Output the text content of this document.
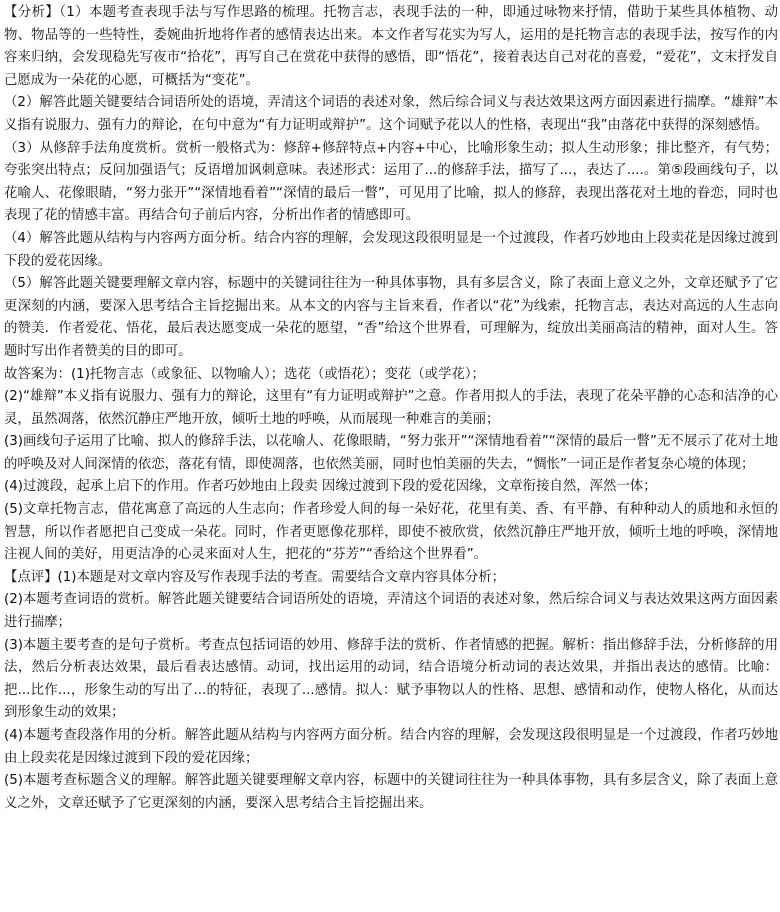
【分析】（1）本题考查表现手法与写作思路的梳理。托物言志，表现手法的一种，即通过咏物来抒情，借助于某些具体植物、动物、物品等的一些特性，委婉曲折地将作者的感情表达出来。本文作者写花实为写人，运用的是托物言志的表现手法，按写作的内容来归纳，会发现稳先写夜市“拾花”，再写自己在赏花中获得的感悟，即“悟花”，接着表达自己对花的喜爱，“爱花”，文末抒发自己愿成为一朵花的心愿，可概括为“变花”。

（2）解答此题关键要结合词语所处的语境，弄清这个词语的表述对象，然后综合词义与表达效果这两方面因素进行揣摩。“雄辩”本义指有说服力、强有力的辩论，在句中意为“有力证明或辩护”。这个词赋予花以人的性格，表现出“我”由落花中获得的深刻感悟。

（3）从修辞手法角度赏析。赏析一般格式为：修辞+修辞特点+内容+中心，比喻形象生动；拟人生动形象；排比整齐，有气势；夸张突出特点；反问加强语气；反语增加讽刺意味。表述形式：运用了...的修辞手法，描写了...，表达了....。第⑤段画线句子，以花喻人、花像眼睛，“努力张开”“深情地看着”“深情的最后一瞥”，可见用了比喻，拟人的修辞，表现出落花对土地的眷恋，同时也表现了花的情感丰富。再结合句子前后内容，分析出作者的情感即可。

（4）解答此题从结构与内容两方面分析。结合内容的理解，会发现这段很明显是一个过渡段，作者巧妙地由上段卖花是因缘过渡到下段的爱花因缘。

（5）解答此题关键要理解文章内容，标题中的关键词往往为一种具体事物，具有多层含义，除了表面上意义之外，文章还赋予了它更深刻的内涵，要深入思考结合主旨挖掘出来。从本文的内容与主旨来看，作者以“花”为线索，托物言志，表达对高远的人生志向的赞美．作者爱花、悟花，最后表达愿变成一朵花的愿望，“香”给这个世界看，可理解为，绽放出美丽高洁的精神，面对人生。答题时写出作者赞美的目的即可。

故答案为：(1)托物言志（或象征、以物喻人）；选花（或悟花）；变花（或学花）；

(2)“雄辩”本义指有说服力、强有力的辩论，这里有“有力证明或辩护”之意。作者用拟人的手法，表现了花朵平静的心态和洁净的心灵，虽然凋落，依然沉静庄严地开放，倾听土地的呼唤，从而展现一种难言的美丽；

(3)画线句子运用了比喻、拟人的修辞手法，以花喻人、花像眼睛，“努力张开”“深情地看着”“深情的最后一瞥”无不展示了花对土地的呼唤及对人间深情的依恋，落花有情，即使凋落，也依然美丽，同时也怕美丽的失去，“惆怅”一词正是作者复杂心境的体现；

(4)过渡段，起承上启下的作用。作者巧妙地由上段卖 因缘过渡到下段的爱花因缘，文章衔接自然，浑然一体；

(5)文章托物言志，借花寓意了高远的人生志向；作者珍爱人间的每一朵好花，花里有美、香、有平静、有种种动人的质地和永恒的智慧，所以作者愿把自己变成一朵花。同时，作者更愿像花那样，即使不被欣赏，依然沉静庄严地开放，倾听土地的呼唤，深情地注视人间的美好，用更洁净的心灵来面对人生，把花的“芬芳”“香给这个世界看”。

【点评】(1)本题是对文章内容及写作表现手法的考查。需要结合文章内容具体分析；

(2)本题考查词语的赏析。解答此题关键要结合词语所处的语境，弄清这个词语的表述对象，然后综合词义与表达效果这两方面因素进行揣摩；

(3)本题主要考查的是句子赏析。考查点包括词语的妙用、修辞手法的赏析、作者情感的把握。解析：指出修辞手法，分析修辞的用法，然后分析表达效果，最后看表达感情。动词，找出运用的动词，结合语境分析动词的表达效果，并指出表达的感情。比喻：把...比作...，形象生动的写出了...的特征，表现了...感情。拟人：赋予事物以人的性格、思想、感情和动作，使物人格化，从而达到形象生动的效果；

(4)本题考查段落作用的分析。解答此题从结构与内容两方面分析。结合内容的理解，会发现这段很明显是一个过渡段，作者巧妙地由上段卖花是因缘过渡到下段的爱花因缘；

(5)本题考查标题含义的理解。解答此题关键要理解文章内容，标题中的关键词往往为一种具体事物，具有多层含义，除了表面上意义之外，文章还赋予了它更深刻的内涵，要深入思考结合主旨挖掘出来。
